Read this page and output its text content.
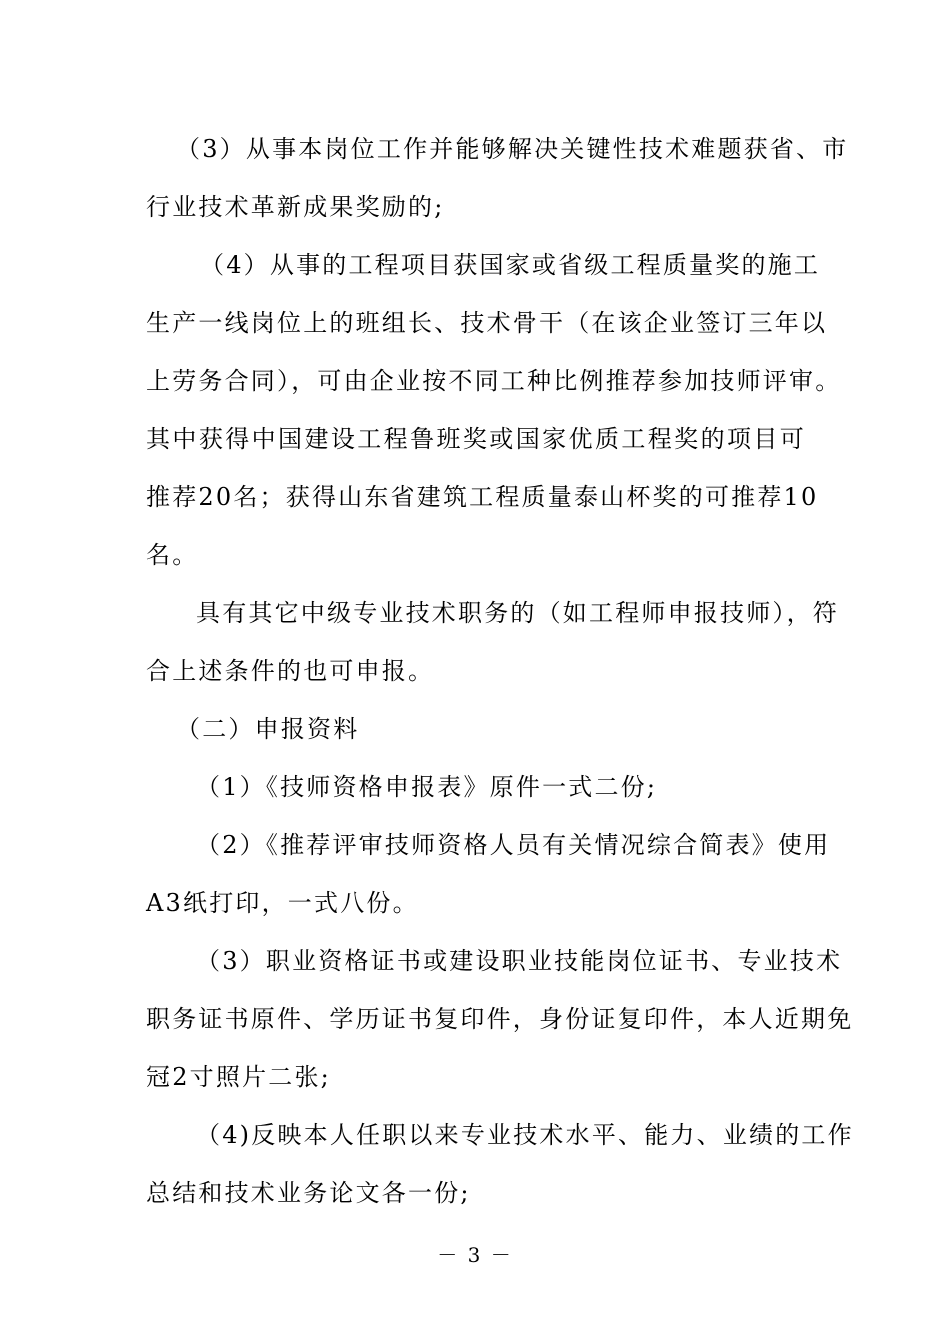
（3）从事本岗位工作并能够解决关键性技术难题获省、市
行业技术革新成果奖励的;
（4）从事的工程项目获国家或省级工程质量奖的施工
生产一线岗位上的班组长、技术骨干（在该企业签订三年以
上劳务合同），可由企业按不同工种比例推荐参加技师评审。
其中获得中国建设工程鲁班奖或国家优质工程奖的项目可
推荐20名；获得山东省建筑工程质量泰山杯奖的可推荐10
名。
具有其它中级专业技术职务的（如工程师申报技师），符
合上述条件的也可申报。
（二）申报资料
（1）《技师资格申报表》原件一式二份;
（2）《推荐评审技师资格人员有关情况综合简表》使用
A3纸打印，一式八份。
（3）职业资格证书或建设职业技能岗位证书、专业技术
职务证书原件、学历证书复印件，身份证复印件，本人近期免
冠2寸照片二张;
（4)反映本人任职以来专业技术水平、能力、业绩的工作
总结和技术业务论文各一份;
－ 3 －
